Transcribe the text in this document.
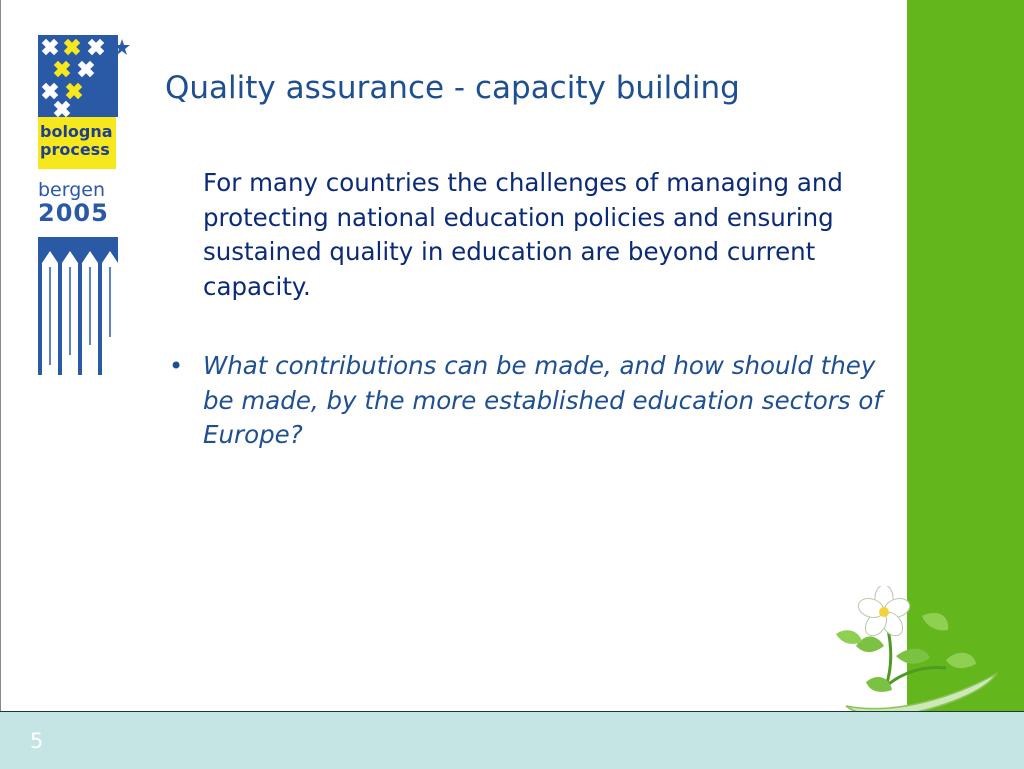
bologna
process
bergen
2005
Quality assurance - capacity building
For many countries the challenges of managing and protecting national education policies and ensuring sustained quality in education are beyond current capacity.
• What contributions can be made, and how should they be made, by the more established education sectors of Europe?
5
